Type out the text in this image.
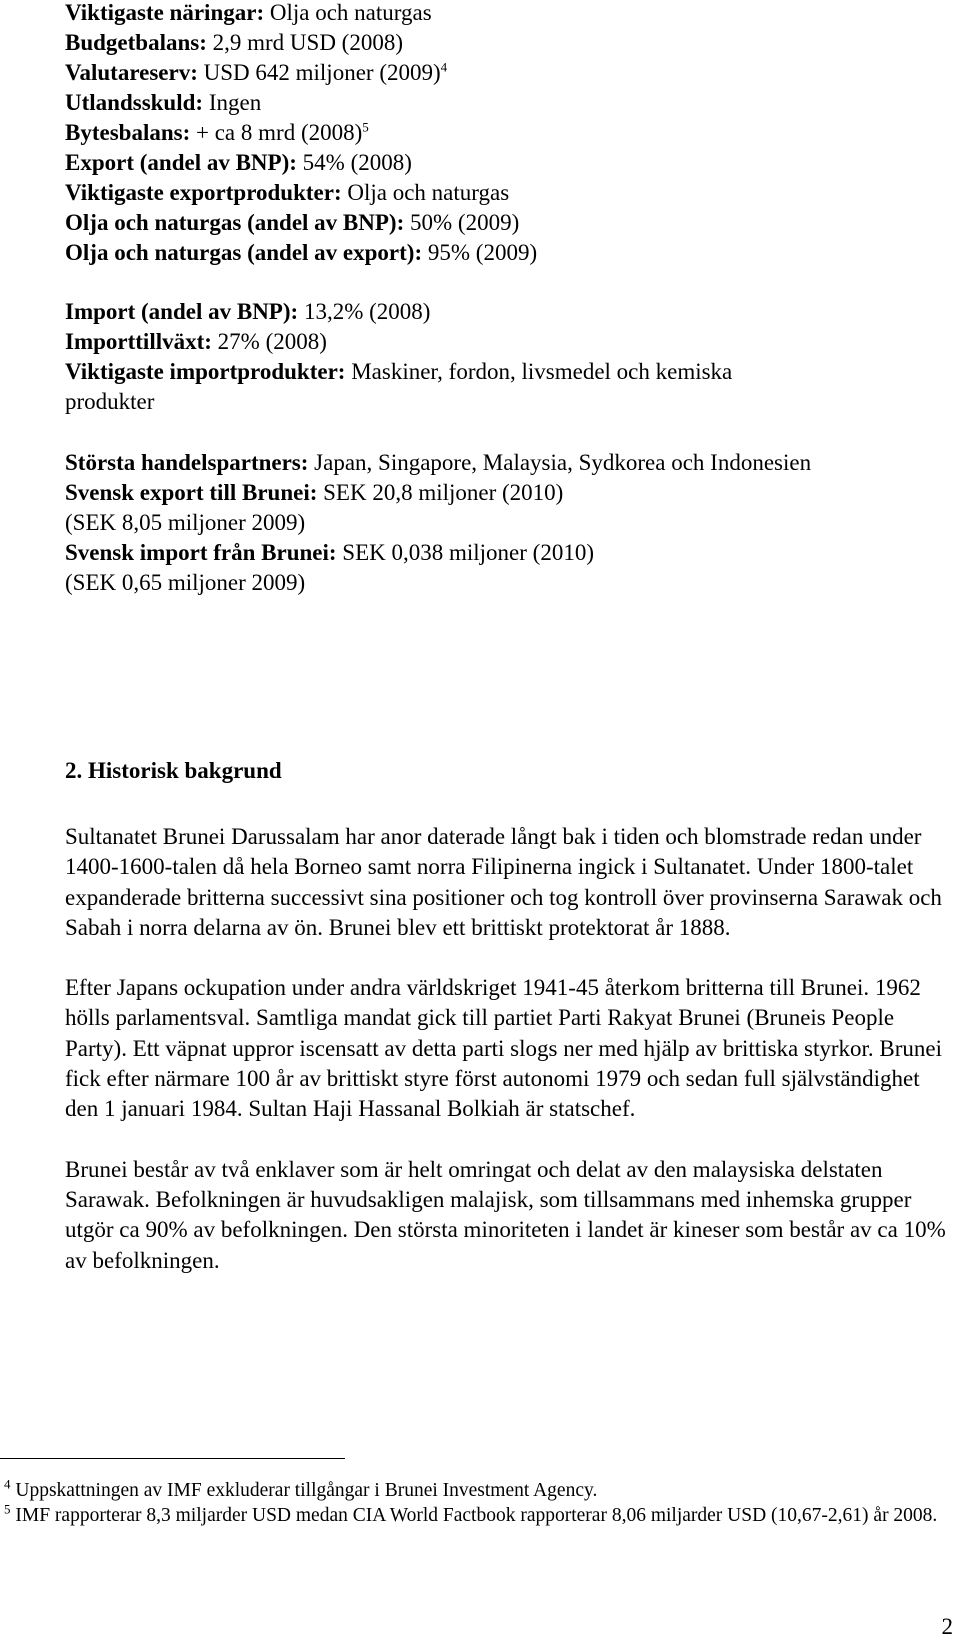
Viktigaste näringar: Olja och naturgas
Budgetbalans: 2,9 mrd USD (2008)
Valutareserv: USD 642 miljoner $(2009)^4$
Utlandsskuld: Ingen
Bytesbalans: + ca 8 mrd $(2008)^5$
Export (andel av BNP): 54% (2008)
Viktigaste exportprodukter: Olja och naturgas
Olja och naturgas (andel av BNP): 50% (2009)
Olja och naturgas (andel av export): 95% (2009)
Import (andel av BNP): 13,2% (2008)
Importtillväxt: 27% (2008)
Viktigaste importprodukter: Maskiner, fordon, livsmedel och kemiska produkter
Största handelspartners: Japan, Singapore, Malaysia, Sydkorea och Indonesien
Svensk export till Brunei: SEK 20,8 miljoner (2010)
(SEK 8,05 miljoner 2009)
Svensk import från Brunei: SEK 0,038 miljoner (2010)
(SEK 0,65 miljoner 2009)
2. Historisk bakgrund

Sultanatet Brunei Darussalam har anor daterade långt bak i tiden och blomstrade redan under 1400-1600-talen då hela Borneo samt norra Filipinerna ingick i Sultanatet. Under 1800-talet expanderade britterna successivt sina positioner och tog kontroll över provinserna Sarawak och Sabah i norra delarna av ön. Brunei blev ett brittiskt protektorat år 1888.

Efter Japans ockupation under andra världskriget 1941-45 återkom britterna till Brunei. 1962 hölls parlamentsval. Samtliga mandat gick till partiet Parti Rakyat Brunei (Bruneis People Party). Ett väpnat uppror iscensatt av detta parti slogs ner med hjälp av brittiska styrkor. Brunei fick efter närmare 100 år av brittiskt styre först autonomi 1979 och sedan full självständighet den 1 januari 1984. Sultan Haji Hassanal Bolkiah är statschef.

Brunei består av två enklaver som är helt omringat och delat av den malaysiska delstaten Sarawak. Befolkningen är huvudsakligen malajisk, som tillsammans med inhemska grupper utgör ca 90% av befolkningen. Den största minoriteten i landet är kineser som består av ca 10% av befolkningen.

$^4$ Uppskattningen av IMF exkluderar tillgångar i Brunei Investment Agency.

$^5$ IMF rapporterar 8,3 miljarder USD medan CIA World Factbook rapporterar 8,06 miljarder USD (10,67-2,61) år 2008.

2
